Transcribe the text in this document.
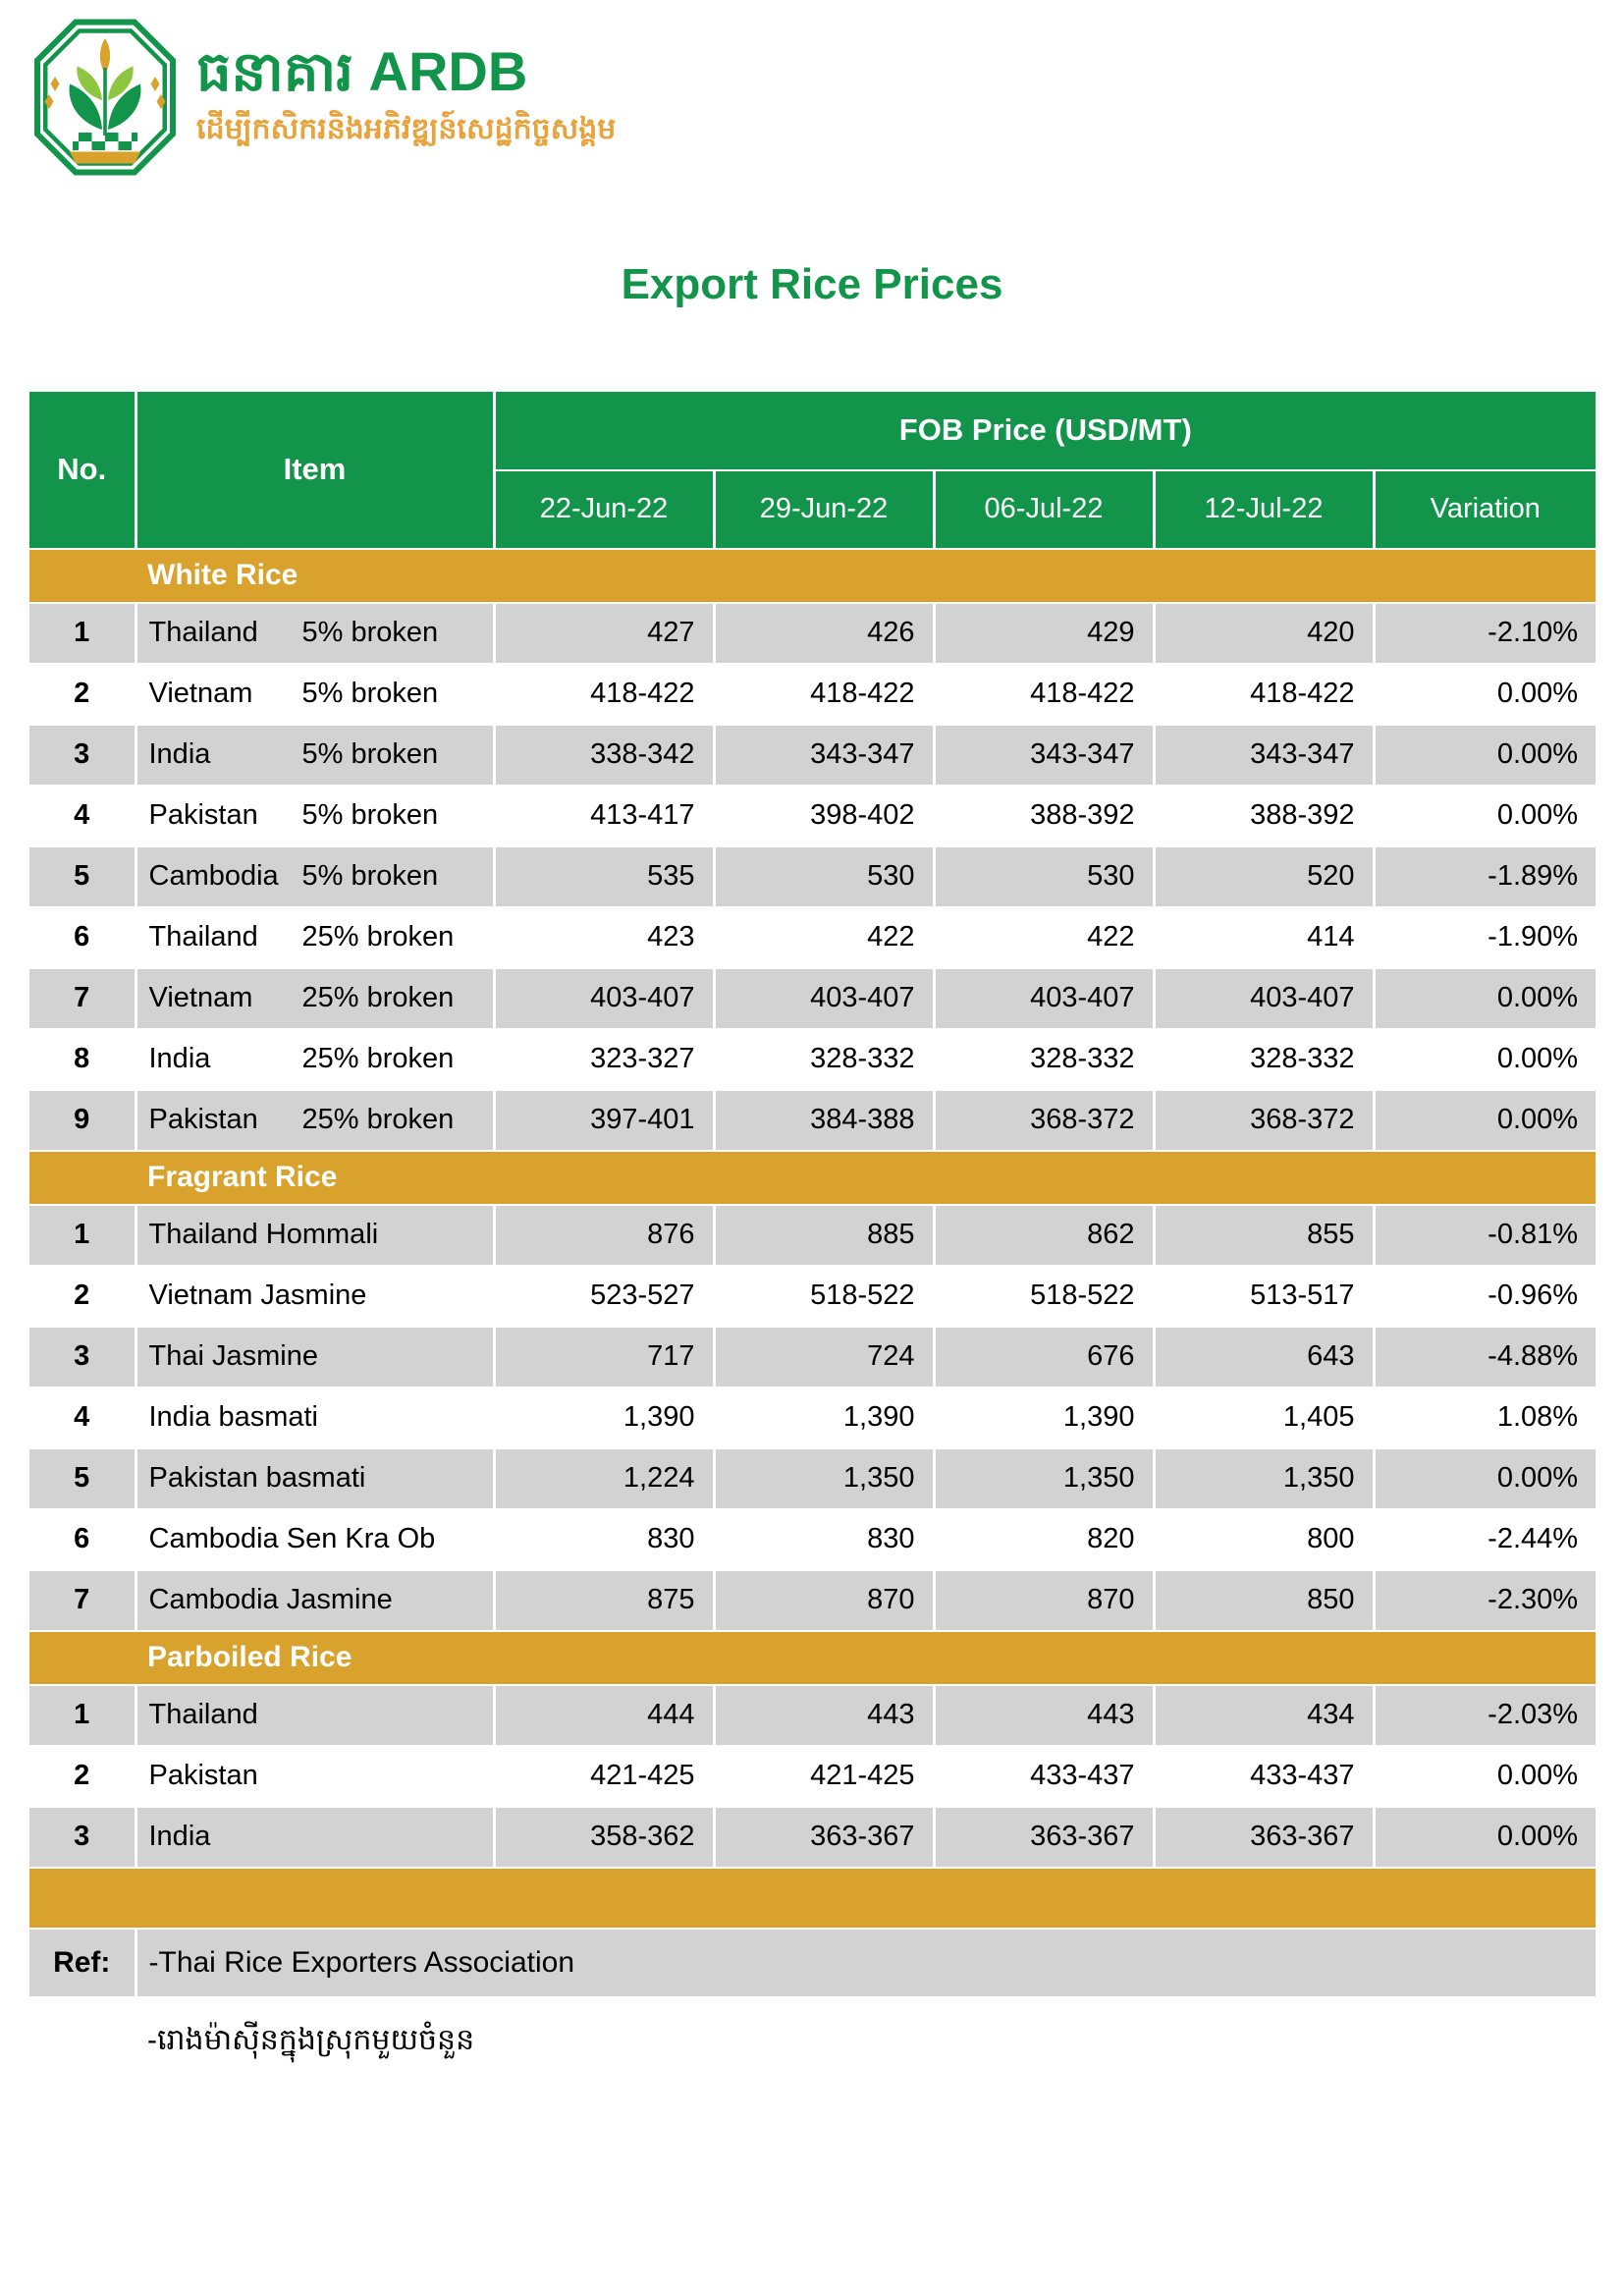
ធនាគារ ARDB
ដើម្បីកសិករនិងអភិវឌ្ឍន៍សេដ្ឋកិច្ចសង្គម
Export Rice Prices
No.	Item	FOB Price (USD/MT)				
		22-Jun-22	29-Jun-22	06-Jul-22	12-Jul-22	Variation
White Rice						
1	Thailand 5% broken	427	426	429	420	-2.10%
2	Vietnam 5% broken	418-422	418-422	418-422	418-422	0.00%
3	India 5% broken	338-342	343-347	343-347	343-347	0.00%
4	Pakistan 5% broken	413-417	398-402	388-392	388-392	0.00%
5	Cambodia 5% broken	535	530	530	520	-1.89%
6	Thailand 25% broken	423	422	422	414	-1.90%
7	Vietnam 25% broken	403-407	403-407	403-407	403-407	0.00%
8	India 25% broken	323-327	328-332	328-332	328-332	0.00%
9	Pakistan 25% broken	397-401	384-388	368-372	368-372	0.00%
Fragrant Rice						
1	Thailand Hommali	876	885	862	855	-0.81%
2	Vietnam Jasmine	523-527	518-522	518-522	513-517	-0.96%
3	Thai Jasmine	717	724	676	643	-4.88%
4	India basmati	1,390	1,390	1,390	1,405	1.08%
5	Pakistan basmati	1,224	1,350	1,350	1,350	0.00%
6	Cambodia Sen Kra Ob	830	830	820	800	-2.44%
7	Cambodia Jasmine	875	870	870	850	-2.30%
Parboiled Rice						
1	Thailand	444	443	443	434	-2.03%
2	Pakistan	421-425	421-425	433-437	433-437	0.00%
3	India	358-362	363-367	363-367	363-367	0.00%

Ref:	-Thai Rice Exporters Association					
	-រោងម៉ាស៊ីនក្នុងស្រុកមួយចំនួន					
